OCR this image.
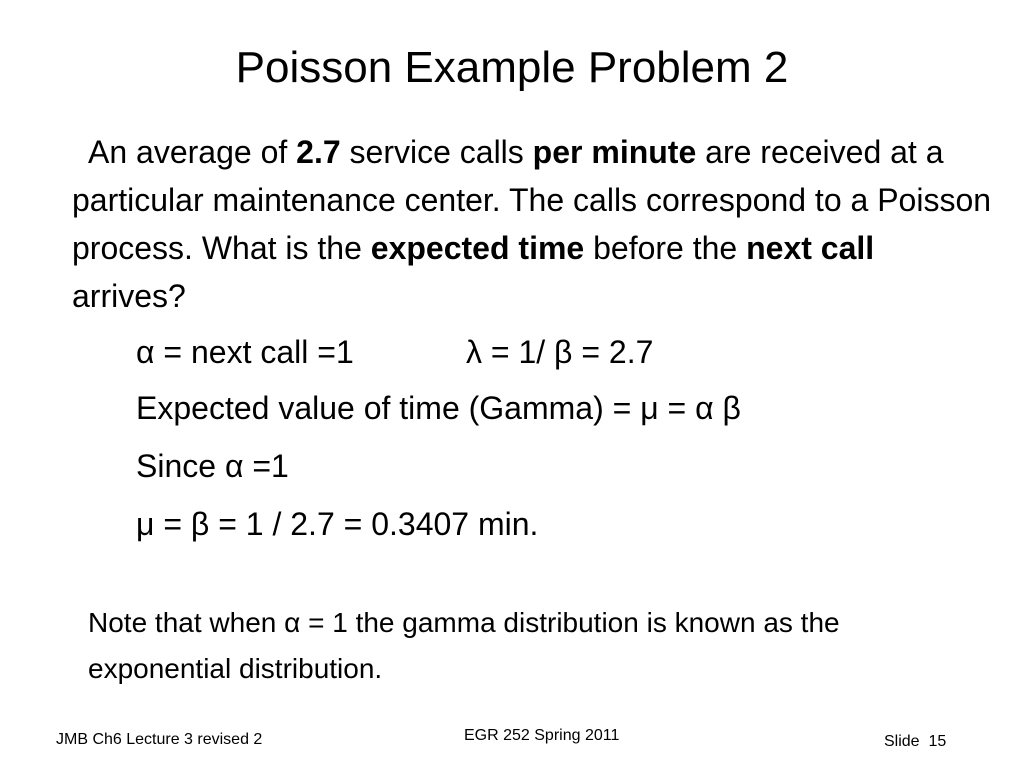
Poisson Example Problem 2
An average of 2.7 service calls per minute are received at a particular maintenance center. The calls correspond to a Poisson process. What is the expected time before the next call arrives?
α = next call =1	λ = 1/ β = 2.7
Expected value of time (Gamma) = μ = α β
Since α =1
μ = β = 1 / 2.7 = 0.3407 min.
Note that when α = 1 the gamma distribution is known as the exponential distribution.
JMB Ch6 Lecture 3 revised 2	EGR 252 Spring 2011	Slide 15
